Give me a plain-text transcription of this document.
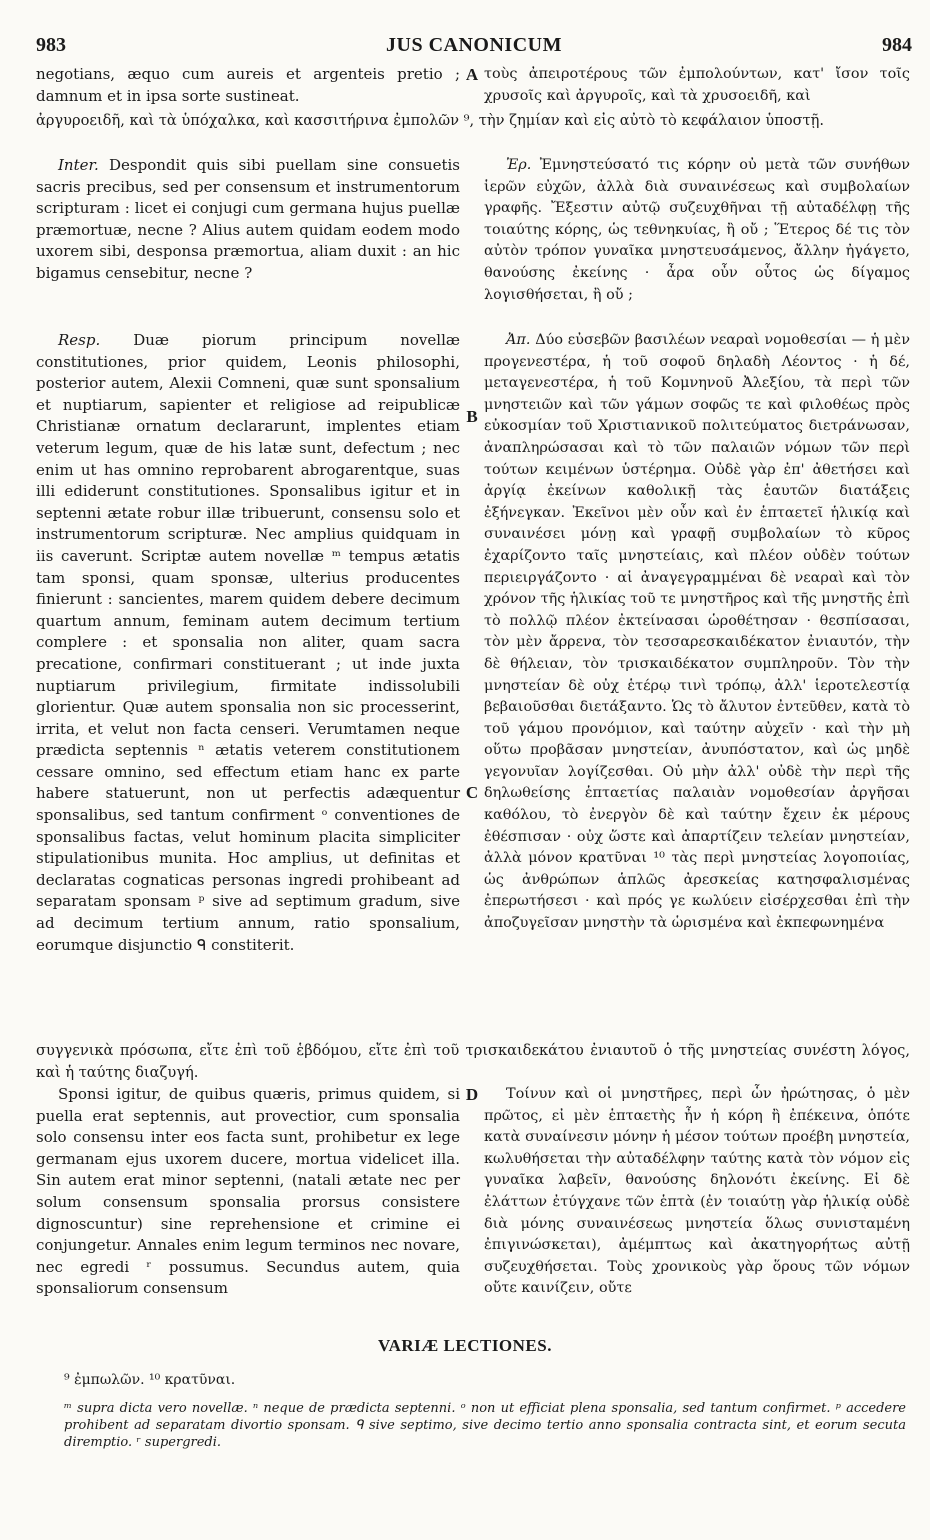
983	JUS CANONICUM	984
negotians, æquo cum aureis et argenteis pretio ; damnum et in ipsa sorte sustineat.
A τοὺς ἀπειροτέρους τῶν ἐμπολούντων, κατ' ἴσον τοῖς χρυσοῖς καὶ ἀργυροῖς, καὶ τὰ χρυσοειδῆ, καὶ
ἀργυροειδῆ, καὶ τὰ ὑπόχαλκα, καὶ κασσιτήρινα ἐμπολῶν ⁹, τὴν ζημίαν καὶ εἰς αὐτὸ τὸ κεφάλαιον ὑποστῇ.

Inter. Despondit quis sibi puellam sine consuetis sacris precibus, sed per consensum et instrumentorum scripturam : licet ei conjugi cum germana hujus puellæ præmortuæ, necne ? Alius autem quidam eodem modo uxorem sibi, desponsa præmortua, aliam duxit : an hic bigamus censebitur, necne ?

Ἐρ. Ἐμνηστεύσατό τις κόρην οὐ μετὰ τῶν συνήθων ἱερῶν εὐχῶν, ἀλλὰ διὰ συναινέσεως καὶ συμβολαίων γραφῆς. Ἔξεστιν αὐτῷ συζευχθῆναι τῇ αὐταδέλφῃ τῆς τοιαύτης κόρης, ὡς τεθνηκυίας, ἢ οὔ ; Ἕτερος δέ τις τὸν αὐτὸν τρόπον γυναῖκα μνηστευσάμενος, ἄλλην ἠγάγετο, θανούσης ἐκείνης · ἆρα οὖν οὗτος ὡς δίγαμος λογισθήσεται, ἢ οὔ ;

Resp. Duæ piorum principum novellæ constitutiones, prior quidem, Leonis philosophi, posterior autem, Alexii Comneni, quæ sunt sponsalium et nuptiarum, sapienter et religiose ad reipublicæ Christianæ ornatum declararunt, implentes etiam veterum legum, quæ de his latæ sunt, defectum ; nec enim ut has omnino reprobarent abrogarentque, suas illi ediderunt constitutiones. Sponsalibus igitur et in septenni ætate robur illæ tribuerunt, consensu solo et instrumentorum scripturæ. Nec amplius quidquam in iis caverunt. Scriptæ autem novellæ ᵐ tempus ætatis tam sponsi, quam sponsæ, ulterius producentes finierunt : sancientes, marem quidem debere decimum quartum annum, feminam autem decimum tertium complere : et sponsalia non aliter, quam sacra precatione, confirmari constituerant ; ut inde juxta nuptiarum privilegium, firmitate indissolubili glorientur. Quæ autem sponsalia non sic processerint, irrita, et velut non facta censeri. Verumtamen neque prædicta septennis ⁿ ætatis veterem constitutionem cessare omnino, sed effectum etiam hanc ex parte habere statuerunt, non ut perfectis adæquentur sponsalibus, sed tantum confirment ᵒ conventiones de sponsalibus factas, velut hominum placita simpliciter stipulationibus munita. Hoc amplius, ut definitas et declaratas cognaticas personas ingredi prohibeant ad separatam sponsam ᵖ sive ad septimum gradum, sive ad decimum tertium annum, ratio sponsalium, eorumque disjunctio ᑫ constiterit.

B
C

Ἀπ. Δύο εὐσεβῶν βασιλέων νεαραὶ νομοθεσίαι — ἡ μὲν προγενεστέρα, ἡ τοῦ σοφοῦ δηλαδὴ Λέοντος · ἡ δέ, μεταγενεστέρα, ἡ τοῦ Κομνηνοῦ Ἀλεξίου, τὰ περὶ τῶν μνηστειῶν καὶ τῶν γάμων σοφῶς τε καὶ φιλοθέως πρὸς εὐκοσμίαν τοῦ Χριστιανικοῦ πολιτεύματος διετράνωσαν, ἀναπληρώσασαι καὶ τὸ τῶν παλαιῶν νόμων τῶν περὶ τούτων κειμένων ὑστέρημα. Οὐδὲ γὰρ ἐπ' ἀθετήσει καὶ ἀργίᾳ ἐκείνων καθολικῇ τὰς ἑαυτῶν διατάξεις ἐξήνεγκαν. Ἐκεῖνοι μὲν οὖν καὶ ἐν ἑπταετεῖ ἡλικίᾳ καὶ συναινέσει μόνῃ καὶ γραφῇ συμβολαίων τὸ κῦρος ἐχαρίζοντο ταῖς μνηστείαις, καὶ πλέον οὐδὲν τούτων περιειργάζοντο · αἱ ἀναγεγραμμέναι δὲ νεαραὶ καὶ τὸν χρόνον τῆς ἡλικίας τοῦ τε μνηστῆρος καὶ τῆς μνηστῆς ἐπὶ τὸ πολλῷ πλέον ἐκτείνασαι ὡροθέτησαν · θεσπίσασαι, τὸν μὲν ἄρρενα, τὸν τεσσαρεσκαιδέκατον ἐνιαυτόν, τὴν δὲ θήλειαν, τὸν τρισκαιδέκατον συμπληροῦν. Τὸν τὴν μνηστείαν δὲ οὐχ ἑτέρῳ τινὶ τρόπῳ, ἀλλ' ἱεροτελεστίᾳ βεβαιοῦσθαι διετάξαντο. Ὡς τὸ ἄλυτον ἐντεῦθεν, κατὰ τὸ τοῦ γάμου προνόμιον, καὶ ταύτην αὐχεῖν · καὶ τὴν μὴ οὕτω προβᾶσαν μνηστείαν, ἀνυπόστατον, καὶ ὡς μηδὲ γεγονυῖαν λογίζεσθαι. Οὐ μὴν ἀλλ' οὐδὲ τὴν περὶ τῆς δηλωθείσης ἑπταετίας παλαιὰν νομοθεσίαν ἀργῆσαι καθόλου, τὸ ἐνεργὸν δὲ καὶ ταύτην ἔχειν ἐκ μέρους ἐθέσπισαν · οὐχ ὥστε καὶ ἀπαρτίζειν τελείαν μνηστείαν, ἀλλὰ μόνον κρατῦναι ¹⁰ τὰς περὶ μνηστείας λογοποιίας, ὡς ἀνθρώπων ἁπλῶς ἀρεσκείας κατησφαλισμένας ἐπερωτήσεσι · καὶ πρός γε κωλύειν εἰσέρχεσθαι ἐπὶ τὴν ἀποζυγεῖσαν μνηστὴν τὰ ὡρισμένα καὶ ἐκπεφωνημένα

συγγενικὰ πρόσωπα, εἴτε ἐπὶ τοῦ ἑβδόμου, εἴτε ἐπὶ τοῦ τρισκαιδεκάτου ἐνιαυτοῦ ὁ τῆς μνηστείας συνέστη λόγος, καὶ ἡ ταύτης διαζυγή.

Sponsi igitur, de quibus quæris, primus quidem, si puella erat septennis, aut provectior, cum sponsalia solo consensu inter eos facta sunt, prohibetur ex lege germanam ejus uxorem ducere, mortua videlicet illa. Sin autem erat minor septenni, (natali ætate nec per solum consensum sponsalia prorsus consistere dignoscuntur) sine reprehensione et crimine ei conjungetur. Annales enim legum terminos nec novare, nec egredi ʳ possumus. Secundus autem, quia sponsaliorum consensum

D	Τοίνυν καὶ οἱ μνηστῆρες, περὶ ὧν ἠρώτησας, ὁ μὲν πρῶτος, εἰ μὲν ἑπταετὴς ἦν ἡ κόρη ἢ ἐπέκεινα, ὁπότε κατὰ συναίνεσιν μόνην ἡ μέσον τούτων προέβη μνηστεία, κωλυθήσεται τὴν αὐταδέλφην ταύτης κατὰ τὸν νόμον εἰς γυναῖκα λαβεῖν, θανούσης δηλονότι ἐκείνης. Εἰ δὲ ἐλάττων ἐτύγχανε τῶν ἑπτὰ (ἐν τοιαύτῃ γὰρ ἡλικίᾳ οὐδὲ διὰ μόνης συναινέσεως μνηστεία ὅλως συνισταμένη ἐπιγινώσκεται), ἀμέμπτως καὶ ἀκατηγορήτως αὐτῇ συζευχθήσεται. Τοὺς χρονικοὺς γὰρ ὅρους τῶν νόμων οὔτε καινίζειν, οὔτε

VARIÆ LECTIONES.
⁹ ἐμπωλῶν. ¹⁰ κρατῦναι.
ᵐ supra dicta vero novellæ. ⁿ neque de prædicta septenni. ᵒ non ut efficiat plena sponsalia, sed tantum confirmet. ᵖ accedere prohibent ad separatam divortio sponsam. ᑫ sive septimo, sive decimo tertio anno sponsalia contracta sint, et eorum secuta diremptio. ʳ supergredi.
